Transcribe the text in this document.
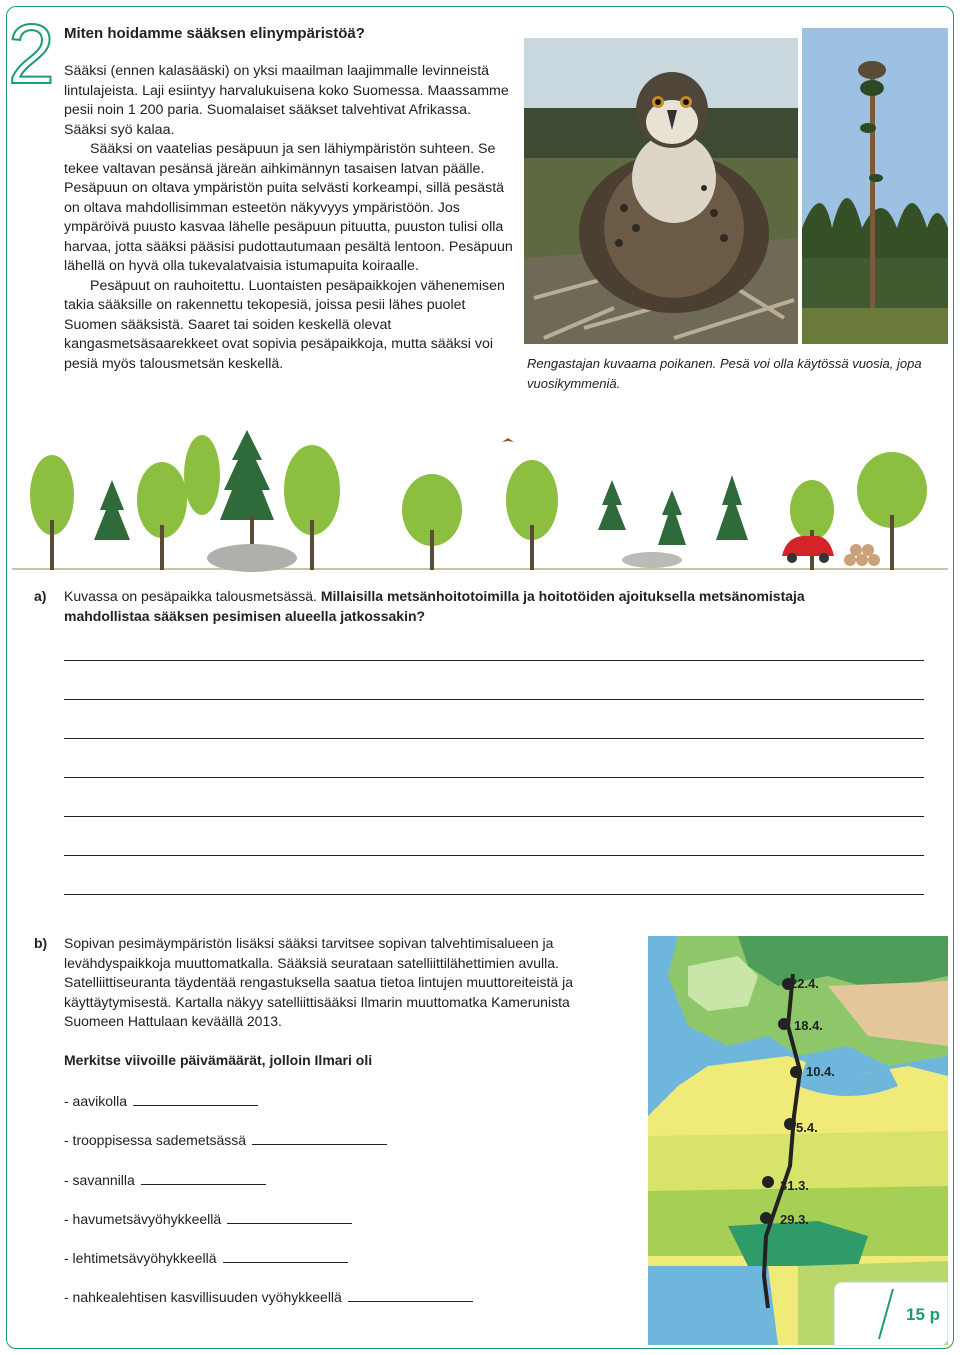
2 Miten hoidamme sääksen elinympäristöä?

Sääksi (ennen kalasääski) on yksi maailman laajimmalle levinneistä lintulajeista. Laji esiintyy harvalukuisena koko Suomessa. Maassamme pesii noin 1 200 paria. Suomalaiset sääkset talvehtivat Afrikassa. Sääksi syö kalaa.

Sääksi on vaatelias pesäpuun ja sen lähiympäristön suhteen. Se tekee valtavan pesänsä järeän aihkimännyn tasaisen latvan päälle. Pesäpuun on oltava ympäristön puita selvästi korkeampi, sillä pesästä on oltava mahdollisimman esteetön näkyvyys ympäristöön. Jos ympäröivä puusto kasvaa lähelle pesäpuun pituutta, puuston tulisi olla harvaa, jotta sääksi pääsisi pudottautumaan pesältä lentoon. Pesäpuun lähellä on hyvä olla tukevalatvaisia istumapuita koiraalle.

Pesäpuut on rauhoitettu. Luontaisten pesäpaikkojen vähenemisen takia sääksille on rakennettu tekopesiä, joissa pesii lähes puolet Suomen sääksistä. Saaret tai soiden keskellä olevat kangasmetsäsaarekkeet ovat sopivia pesäpaikkoja, mutta sääksi voi pesiä myös talousmetsän keskellä.	Rengastajan kuvaama poikanen. Pesä voi olla käytössä vuosia, jopa vuosikymmeniä.
a) Kuvassa on pesäpaikka talousmetsässä. Millaisilla metsänhoitotoimilla ja hoitotöiden ajoituksella metsänomistaja mahdollistaa sääksen pesimisen alueella jatkossakin?
b) Sopivan pesimäympäristön lisäksi sääksi tarvitsee sopivan talvehtimisalueen ja levähdyspaikkoja muuttomatkalla. Sääksiä seurataan satelliittilähettimien avulla. Satelliittiseuranta täydentää rengastuksella saatua tietoa lintujen muuttoreiteistä ja käyttäytymisestä. Kartalla näkyy satelliittisääksi Ilmarin muuttomatka Kamerunista Suomeen Hattulaan keväällä 2013.
Merkitse viivoille päivämäärät, jolloin Ilmari oli
- aavikolla
- trooppisessa sademetsässä
- savannilla
- havumetsävyöhykkeellä
- lehtimetsävyöhykkeellä
- nahkealehtisen kasvillisuuden vyöhykkeellä
22.4.
18.4.
10.4.
5.4.
31.3.
29.3.
15 p
